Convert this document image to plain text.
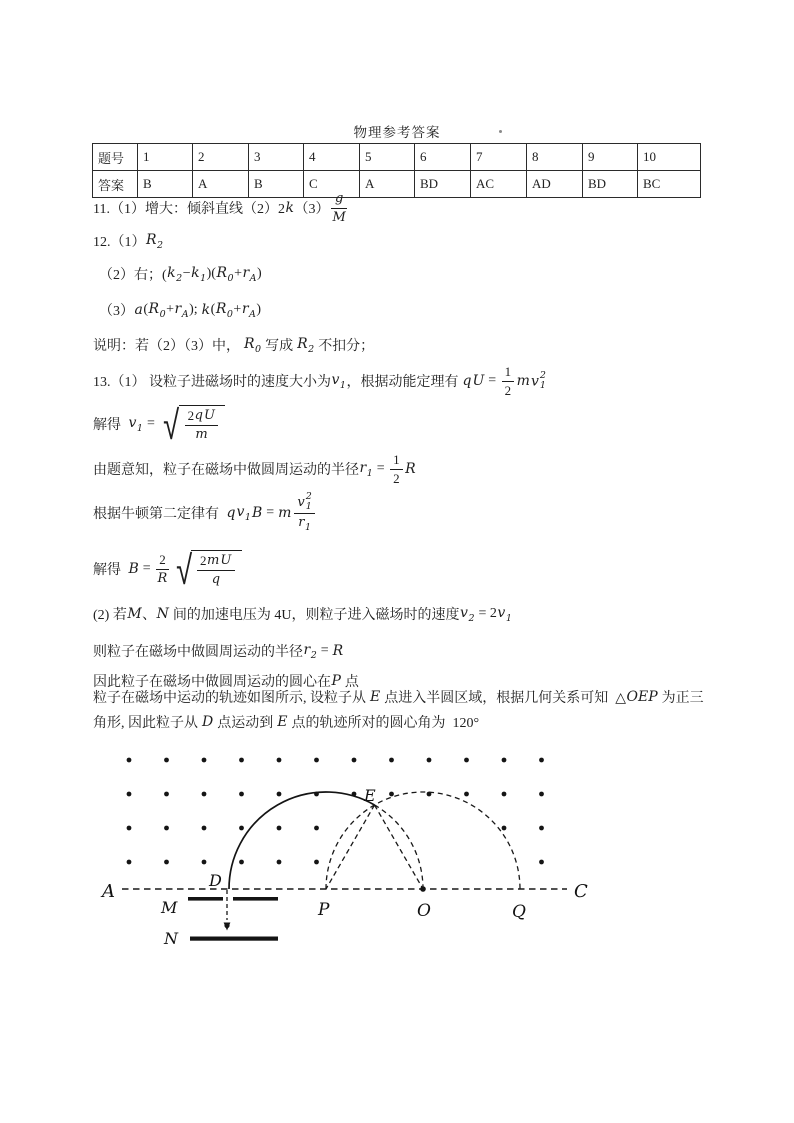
物理参考答案
题号	1	2	3	4	5	6	7	8	9	10
答案	B	A	B	C	A	BD	AC	AD	BD	BC
11.（1）增大：倾斜直线（2）2 k $(3) \frac{g}{M}$
12.（1） $R_2$
（2）右；( $k_2 - k_1$ )( $R_0 + r_A$ )
（3） a ( $R_0 + r_A$ ); k ( $R_0 + r_A$ )
说明：若（2）（3）中， $R_0$ 写成 $R_2$ 不扣分；
13.（1） 设粒子进磁场时的速度大小为 $v_1$ ，根据动能定理有 q $U = \frac{1}{2}$ m v 2
1
解得 $v_1$ = √ $\frac{\text{2 q U}}{m}$
由题意知，粒子在磁场中做圆周运动的半径 $r_1 = \frac{1}{2}$ R
根据牛顿第二定律有 q $v_1$ B = m v 2
1
$r_1$
解得 $B = \frac{2}{R}$ √ $\frac{\text{2 m U}}{q}$
(2) 若 M 、 N 间的加速电压为 4U，则粒子进入磁场时的速度 $v_2 = 2$ $v_1$
则粒子在磁场中做圆周运动的半径 $r_2 = R$
因此粒子在磁场中做圆周运动的圆心在 P 点
粒子在磁场中运动的轨迹如图所示, 设粒子从 E 点进入半圆区域，根据几何关系可知  △ OEP 为正三
角形, 因此粒子从 D 点运动到 E 点的轨迹所对的圆心角为  120°
A	C
D
E
M
N
P	O	Q
